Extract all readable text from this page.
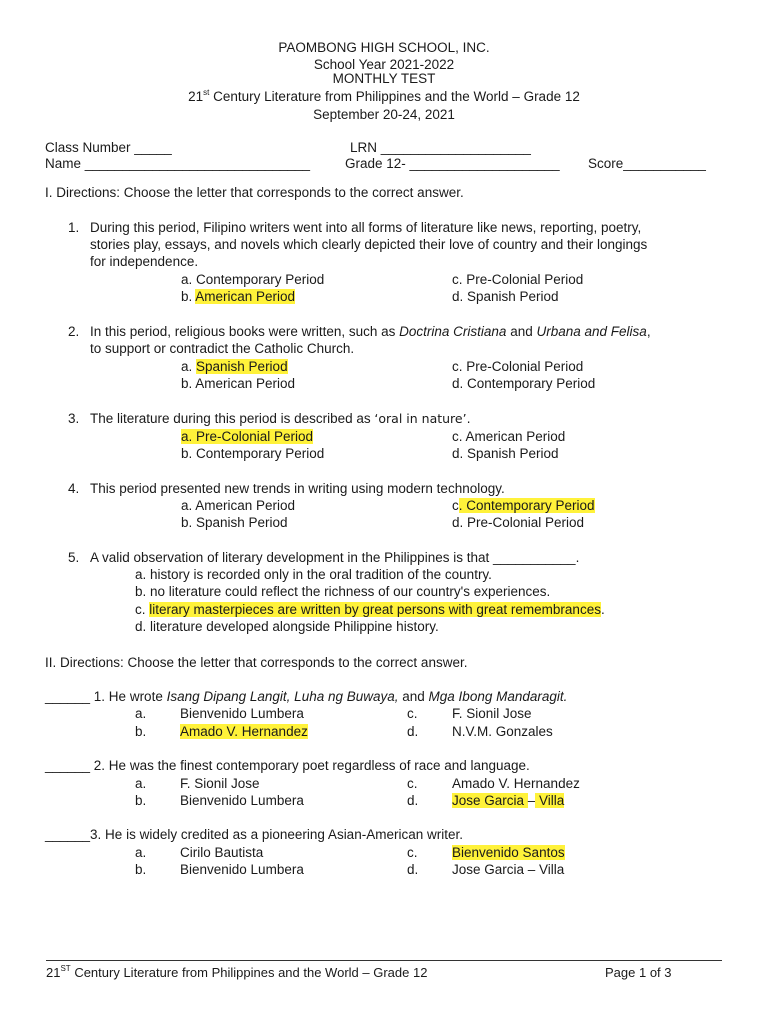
PAOMBONG HIGH SCHOOL, INC.
School Year 2021-2022
MONTHLY TEST
21st Century Literature from Philippines and the World – Grade 12
September 20-24, 2021
Class Number _____	LRN ____________________
Name ______________________________	Grade 12- ____________________ Score___________
I. Directions: Choose the letter that corresponds to the correct answer.
1. During this period, Filipino writers went into all forms of literature like news, reporting, poetry,
stories play, essays, and novels which clearly depicted their love of country and their longings
for independence.
a. Contemporary Period
b. American Period
c. Pre-Colonial Period
d. Spanish Period
2. In this period, religious books were written, such as Doctrina Cristiana and Urbana and Felisa,
to support or contradict the Catholic Church.
a. Spanish Period
b. American Period
c. Pre-Colonial Period
d. Contemporary Period
3. The literature during this period is described as ‘oral in nature’.
a. Pre-Colonial Period
b. Contemporary Period
c. American Period
d. Spanish Period
4. This period presented new trends in writing using modern technology.
a. American Period
b. Spanish Period
c. Contemporary Period
d. Pre-Colonial Period
5. A valid observation of literary development in the Philippines is that ___________.
a. history is recorded only in the oral tradition of the country.
b. no literature could reflect the richness of our country's experiences.
c. literary masterpieces are written by great persons with great remembrances.
d. literature developed alongside Philippine history.
II. Directions: Choose the letter that corresponds to the correct answer.
______ 1. He wrote Isang Dipang Langit, Luha ng Buwaya, and Mga Ibong Mandaragit.
a. Bienvenido Lumbera
b. Amado V. Hernandez
c.	F. Sionil Jose
d. N.V.M. Gonzales
______ 2. He was the finest contemporary poet regardless of race and language.
a. F. Sionil Jose
b. Bienvenido Lumbera
c.	Amado V. Hernandez
d. Jose Garcia – Villa
______3. He is widely credited as a pioneering Asian-American writer.
a. Cirilo Bautista
b. Bienvenido Lumbera
c.	Bienvenido Santos
d. Jose Garcia – Villa
21ST Century Literature from Philippines and the World – Grade 12	Page 1 of 3
